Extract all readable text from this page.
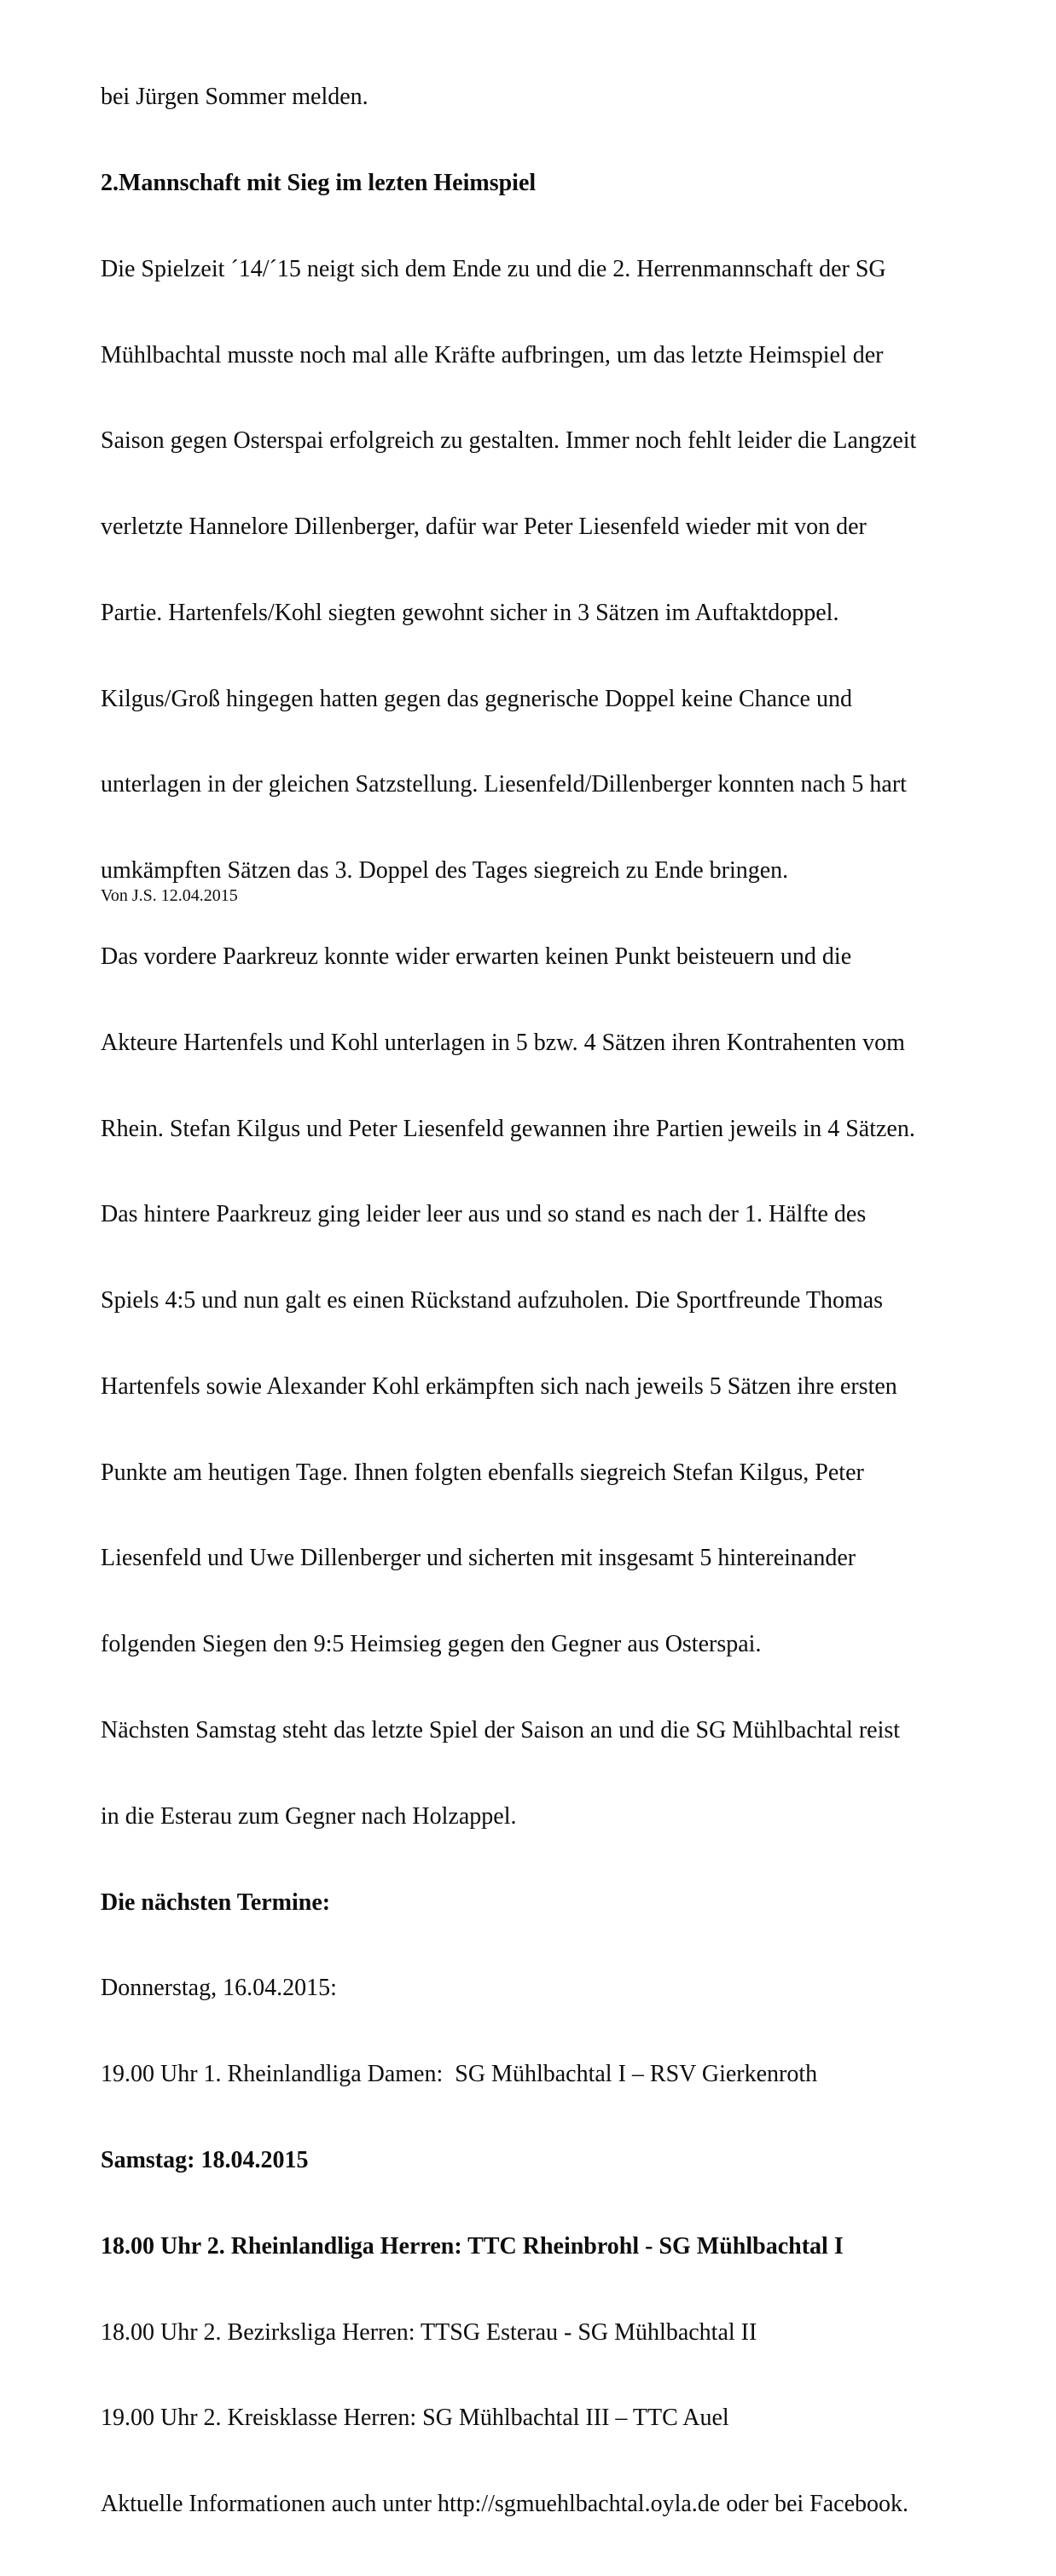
bei Jürgen Sommer melden.

2.Mannschaft mit Sieg im lezten Heimspiel

Die Spielzeit ´14/´15 neigt sich dem Ende zu und die 2. Herrenmannschaft der SG

Mühlbachtal musste noch mal alle Kräfte aufbringen, um das letzte Heimspiel der

Saison gegen Osterspai erfolgreich zu gestalten. Immer noch fehlt leider die Langzeit

verletzte Hannelore Dillenberger, dafür war Peter Liesenfeld wieder mit von der

Partie. Hartenfels/Kohl siegten gewohnt sicher in 3 Sätzen im Auftaktdoppel.

Kilgus/Groß hingegen hatten gegen das gegnerische Doppel keine Chance und

unterlagen in der gleichen Satzstellung. Liesenfeld/Dillenberger konnten nach 5 hart

umkämpften Sätzen das 3. Doppel des Tages siegreich zu Ende bringen.

Das vordere Paarkreuz konnte wider erwarten keinen Punkt beisteuern und die

Akteure Hartenfels und Kohl unterlagen in 5 bzw. 4 Sätzen ihren Kontrahenten vom

Rhein. Stefan Kilgus und Peter Liesenfeld gewannen ihre Partien jeweils in 4 Sätzen.

Das hintere Paarkreuz ging leider leer aus und so stand es nach der 1. Hälfte des

Spiels 4:5 und nun galt es einen Rückstand aufzuholen. Die Sportfreunde Thomas

Hartenfels sowie Alexander Kohl erkämpften sich nach jeweils 5 Sätzen ihre ersten

Punkte am heutigen Tage. Ihnen folgten ebenfalls siegreich Stefan Kilgus, Peter

Liesenfeld und Uwe Dillenberger und sicherten mit insgesamt 5 hintereinander

folgenden Siegen den 9:5 Heimsieg gegen den Gegner aus Osterspai.

Nächsten Samstag steht das letzte Spiel der Saison an und die SG Mühlbachtal reist

in die Esterau zum Gegner nach Holzappel.

Die nächsten Termine:

Donnerstag, 16.04.2015:

19.00 Uhr 1. Rheinlandliga Damen:  SG Mühlbachtal I – RSV Gierkenroth

Samstag: 18.04.2015

18.00 Uhr 2. Rheinlandliga Herren: TTC Rheinbrohl - SG Mühlbachtal I

18.00 Uhr 2. Bezirksliga Herren: TTSG Esterau - SG Mühlbachtal II

19.00 Uhr 2. Kreisklasse Herren: SG Mühlbachtal III – TTC Auel

Aktuelle Informationen auch unter http://sgmuehlbachtal.oyla.de oder bei Facebook.

Von J.S. 12.04.2015
